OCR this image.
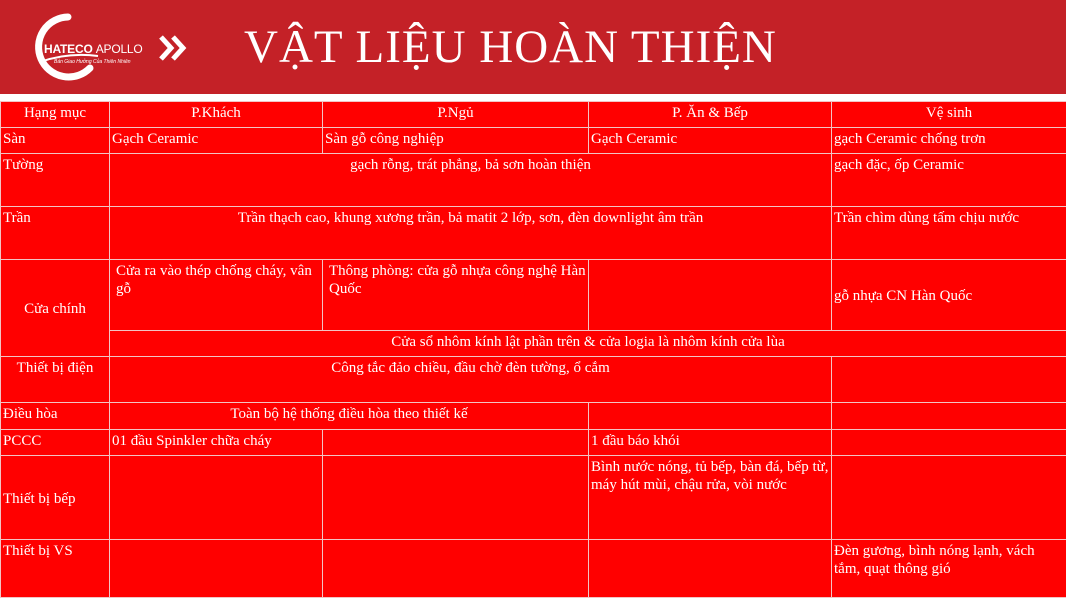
HATECO APOLLO
Bản Giao Hưởng Của Thiên Nhiên VẬT LIỆU HOÀN THIỆN
Hạng mục	P.Khách	P.Ngủ	P. Ăn & Bếp	Vệ sinh
Sàn	Gạch Ceramic	Sàn gỗ công nghiệp	Gạch Ceramic	gạch Ceramic chống trơn
Tường	gạch rỗng, trát phẳng, bả sơn hoàn thiện			gạch đặc, ốp Ceramic
Trần	Trần thạch cao, khung xương trần, bả matit 2 lớp, sơn, đèn downlight âm trần			Trần chìm dùng tấm chịu nước
Cửa chính	Cửa ra vào thép chống cháy, vân gỗ	Thông phòng: cửa gỗ nhựa công nghệ Hàn Quốc		gỗ nhựa CN Hàn Quốc
	Cửa sổ nhôm kính lật phần trên & cửa logia là nhôm kính cửa lùa			
Thiết bị điện	Công tắc đảo chiều, đầu chờ đèn tường, ổ cắm			
Điều hòa	Toàn bộ hệ thống điều hòa theo thiết kế			
PCCC	01 đầu Spinkler chữa cháy		1 đầu báo khói	
Thiết bị bếp			Bình nước nóng, tủ bếp, bàn đá, bếp từ, máy hút mùi, chậu rửa, vòi nước	
Thiết bị VS				Đèn gương, bình nóng lạnh, vách tắm, quạt thông gió
